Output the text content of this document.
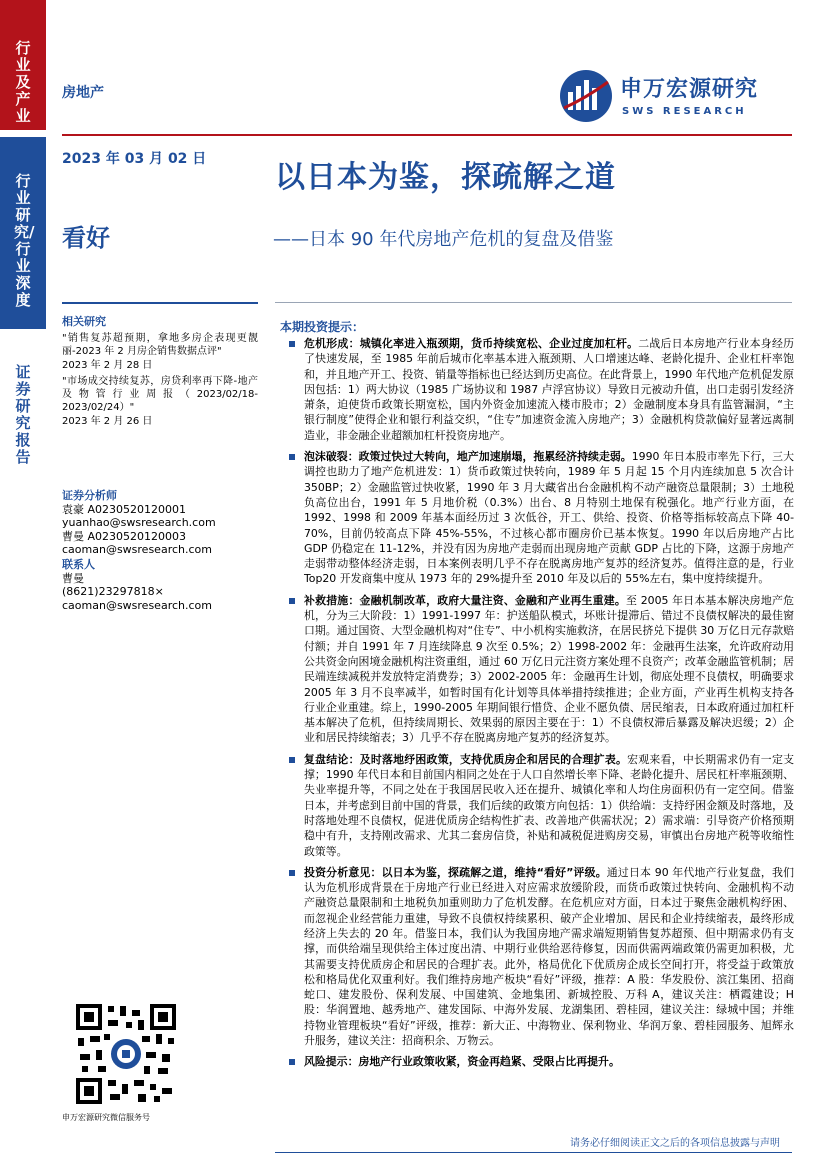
行业及产业
行业研究/行业深度
证券研究报告
房地产	申万宏源研究
SWS RESEARCH
2023 年 03 月 02 日
看好
以日本为鉴，探疏解之道
——日本 90 年代房地产危机的复盘及借鉴
相关研究
"销售复苏超预期，拿地多房企表现更靓丽-2023 年 2 月房企销售数据点评"
2023 年 2 月 28 日
"市场成交持续复苏，房贷利率再下降-地产及物管行业周报（2023/02/18-2023/02/24）"
2023 年 2 月 26 日
证券分析师
袁豪 A0230520120001
yuanhao@swsresearch.com
曹曼 A0230520120003
caoman@swsresearch.com
联系人
曹曼
(8621)23297818×
caoman@swsresearch.com
申万宏源研究微信服务号
本期投资提示：
危机形成：城镇化率进入瓶颈期，货币持续宽松、企业过度加杠杆。二战后日本房地产行业本身经历了快速发展，至 1985 年前后城市化率基本进入瓶颈期、人口增速达峰、老龄化提升、企业杠杆率饱和，并且地产开工、投资、销量等指标也已经达到历史高位。在此背景上，1990 年代地产危机促发原因包括：1）两大协议（1985 广场协议和 1987 卢浮宫协议）导致日元被动升值，出口走弱引发经济萧条，迫使货币政策长期宽松，国内外资金加速流入楼市股市；2）金融制度本身具有监管漏洞，“主银行制度”使得企业和银行利益交织，“住专”加速资金流入房地产；3）金融机构贷款偏好显著远离制造业，非金融企业超额加杠杆投资房地产。
泡沫破裂：政策过快过大转向，地产加速崩塌，拖累经济持续走弱。1990 年日本股市率先下行，三大调控也助力了地产危机进发：1）货币政策过快转向，1989 年 5 月起 15 个月内连续加息 5 次合计 350BP；2）金融监管过快收紧，1990 年 3 月大藏省出台金融机构不动产融资总量限制；3）土地税负高位出台，1991 年 5 月地价税（0.3%）出台、8 月特别土地保有税强化。地产行业方面，在 1992、1998 和 2009 年基本面经历过 3 次低谷，开工、供给、投资、价格等指标较高点下降 40-70%，目前仍较高点下降 45%-55%，不过核心都市圈房价已基本恢复。1990 年以后房地产占比 GDP 仍稳定在 11-12%，并没有因为房地产走弱而出现房地产贡献 GDP 占比的下降，这源于房地产走弱带动整体经济走弱，日本案例表明几乎不存在脱离房地产复苏的经济复苏。值得注意的是，行业 Top20 开发商集中度从 1973 年的 29%提升至 2010 年及以后的 55%左右，集中度持续提升。
补救措施：金融机制改革，政府大量注资、金融和产业再生重建。至 2005 年日本基本解决房地产危机，分为三大阶段：1）1991-1997 年：护送船队模式，坏账计提滞后、错过不良债权解决的最佳窗口期。通过国资、大型金融机构对“住专”、中小机构实施救济，在居民挤兑下提供 30 万亿日元存款赔付额；并自 1991 年 7 月连续降息 9 次至 0.5%；2）1998-2002 年：金融再生法案，允许政府动用公共资金向困境金融机构注资重组，通过 60 万亿日元注资方案处理不良资产；改革金融监管机制；居民端连续减税并发放特定消费券；3）2002-2005 年：金融再生计划，彻底处理不良债权，明确要求 2005 年 3 月不良率减半，如暂时国有化计划等具体举措持续推进；企业方面，产业再生机构支持各行业企业重建。综上，1990-2005 年期间银行惜贷、企业不愿负债、居民缩表，日本政府通过加杠杆基本解决了危机，但持续周期长、效果弱的原因主要在于：1）不良债权滞后暴露及解决迟缓；2）企业和居民持续缩表；3）几乎不存在脱离房地产复苏的经济复苏。
复盘结论：及时落地纾困政策，支持优质房企和居民的合理扩表。宏观来看，中长期需求仍有一定支撑；1990 年代日本和目前国内相同之处在于人口自然增长率下降、老龄化提升、居民杠杆率瓶颈期、失业率提升等，不同之处在于我国居民收入还在提升、城镇化率和人均住房面积仍有一定空间。借鉴日本，并考虑到目前中国的背景，我们后续的政策方向包括：1）供给端：支持纾困金额及时落地，及时落地处理不良债权，促进优质房企结构性扩表、改善地产供需状况；2）需求端：引导资产价格预期稳中有升，支持刚改需求、尤其二套房信贷，补贴和减税促进购房交易，审慎出台房地产税等收缩性政策等。
投资分析意见：以日本为鉴，探疏解之道，维持“看好”评级。通过日本 90 年代地产行业复盘，我们认为危机形成背景在于房地产行业已经进入对应需求放缓阶段，而货币政策过快转向、金融机构不动产融资总量限制和土地税负加重则助力了危机发酵。在危机应对方面，日本过于聚焦金融机构纾困、而忽视企业经营能力重建，导致不良债权持续累积、破产企业增加、居民和企业持续缩表，最终形成经济上失去的 20 年。借鉴日本，我们认为我国房地产需求端短期销售复苏超预、但中期需求仍有支撑，而供给端呈现供给主体过度出清、中期行业供给恶待修复，因而供需两端政策仍需更加积极，尤其需要支持优质房企和居民的合理扩表。此外，格局优化下优质房企成长空间打开，将受益于政策放松和格局优化双重利好。我们维持房地产板块“看好”评级，推荐：A 股：华发股份、滨江集团、招商蛇口、建发股份、保利发展、中国建筑、金地集团、新城控股、万科 A，建议关注：栖霞建设；H 股：华润置地、越秀地产、建发国际、中海外发展、龙湖集团、碧桂园，建议关注：绿城中国；并维持物业管理板块“看好”评级，推荐：新大正、中海物业、保利物业、华润万象、碧桂园服务、旭辉永升服务，建议关注：招商积余、万物云。
风险提示：房地产行业政策收紧，资金再趋紧、受限占比再提升。
请务必仔细阅读正文之后的各项信息披露与声明
